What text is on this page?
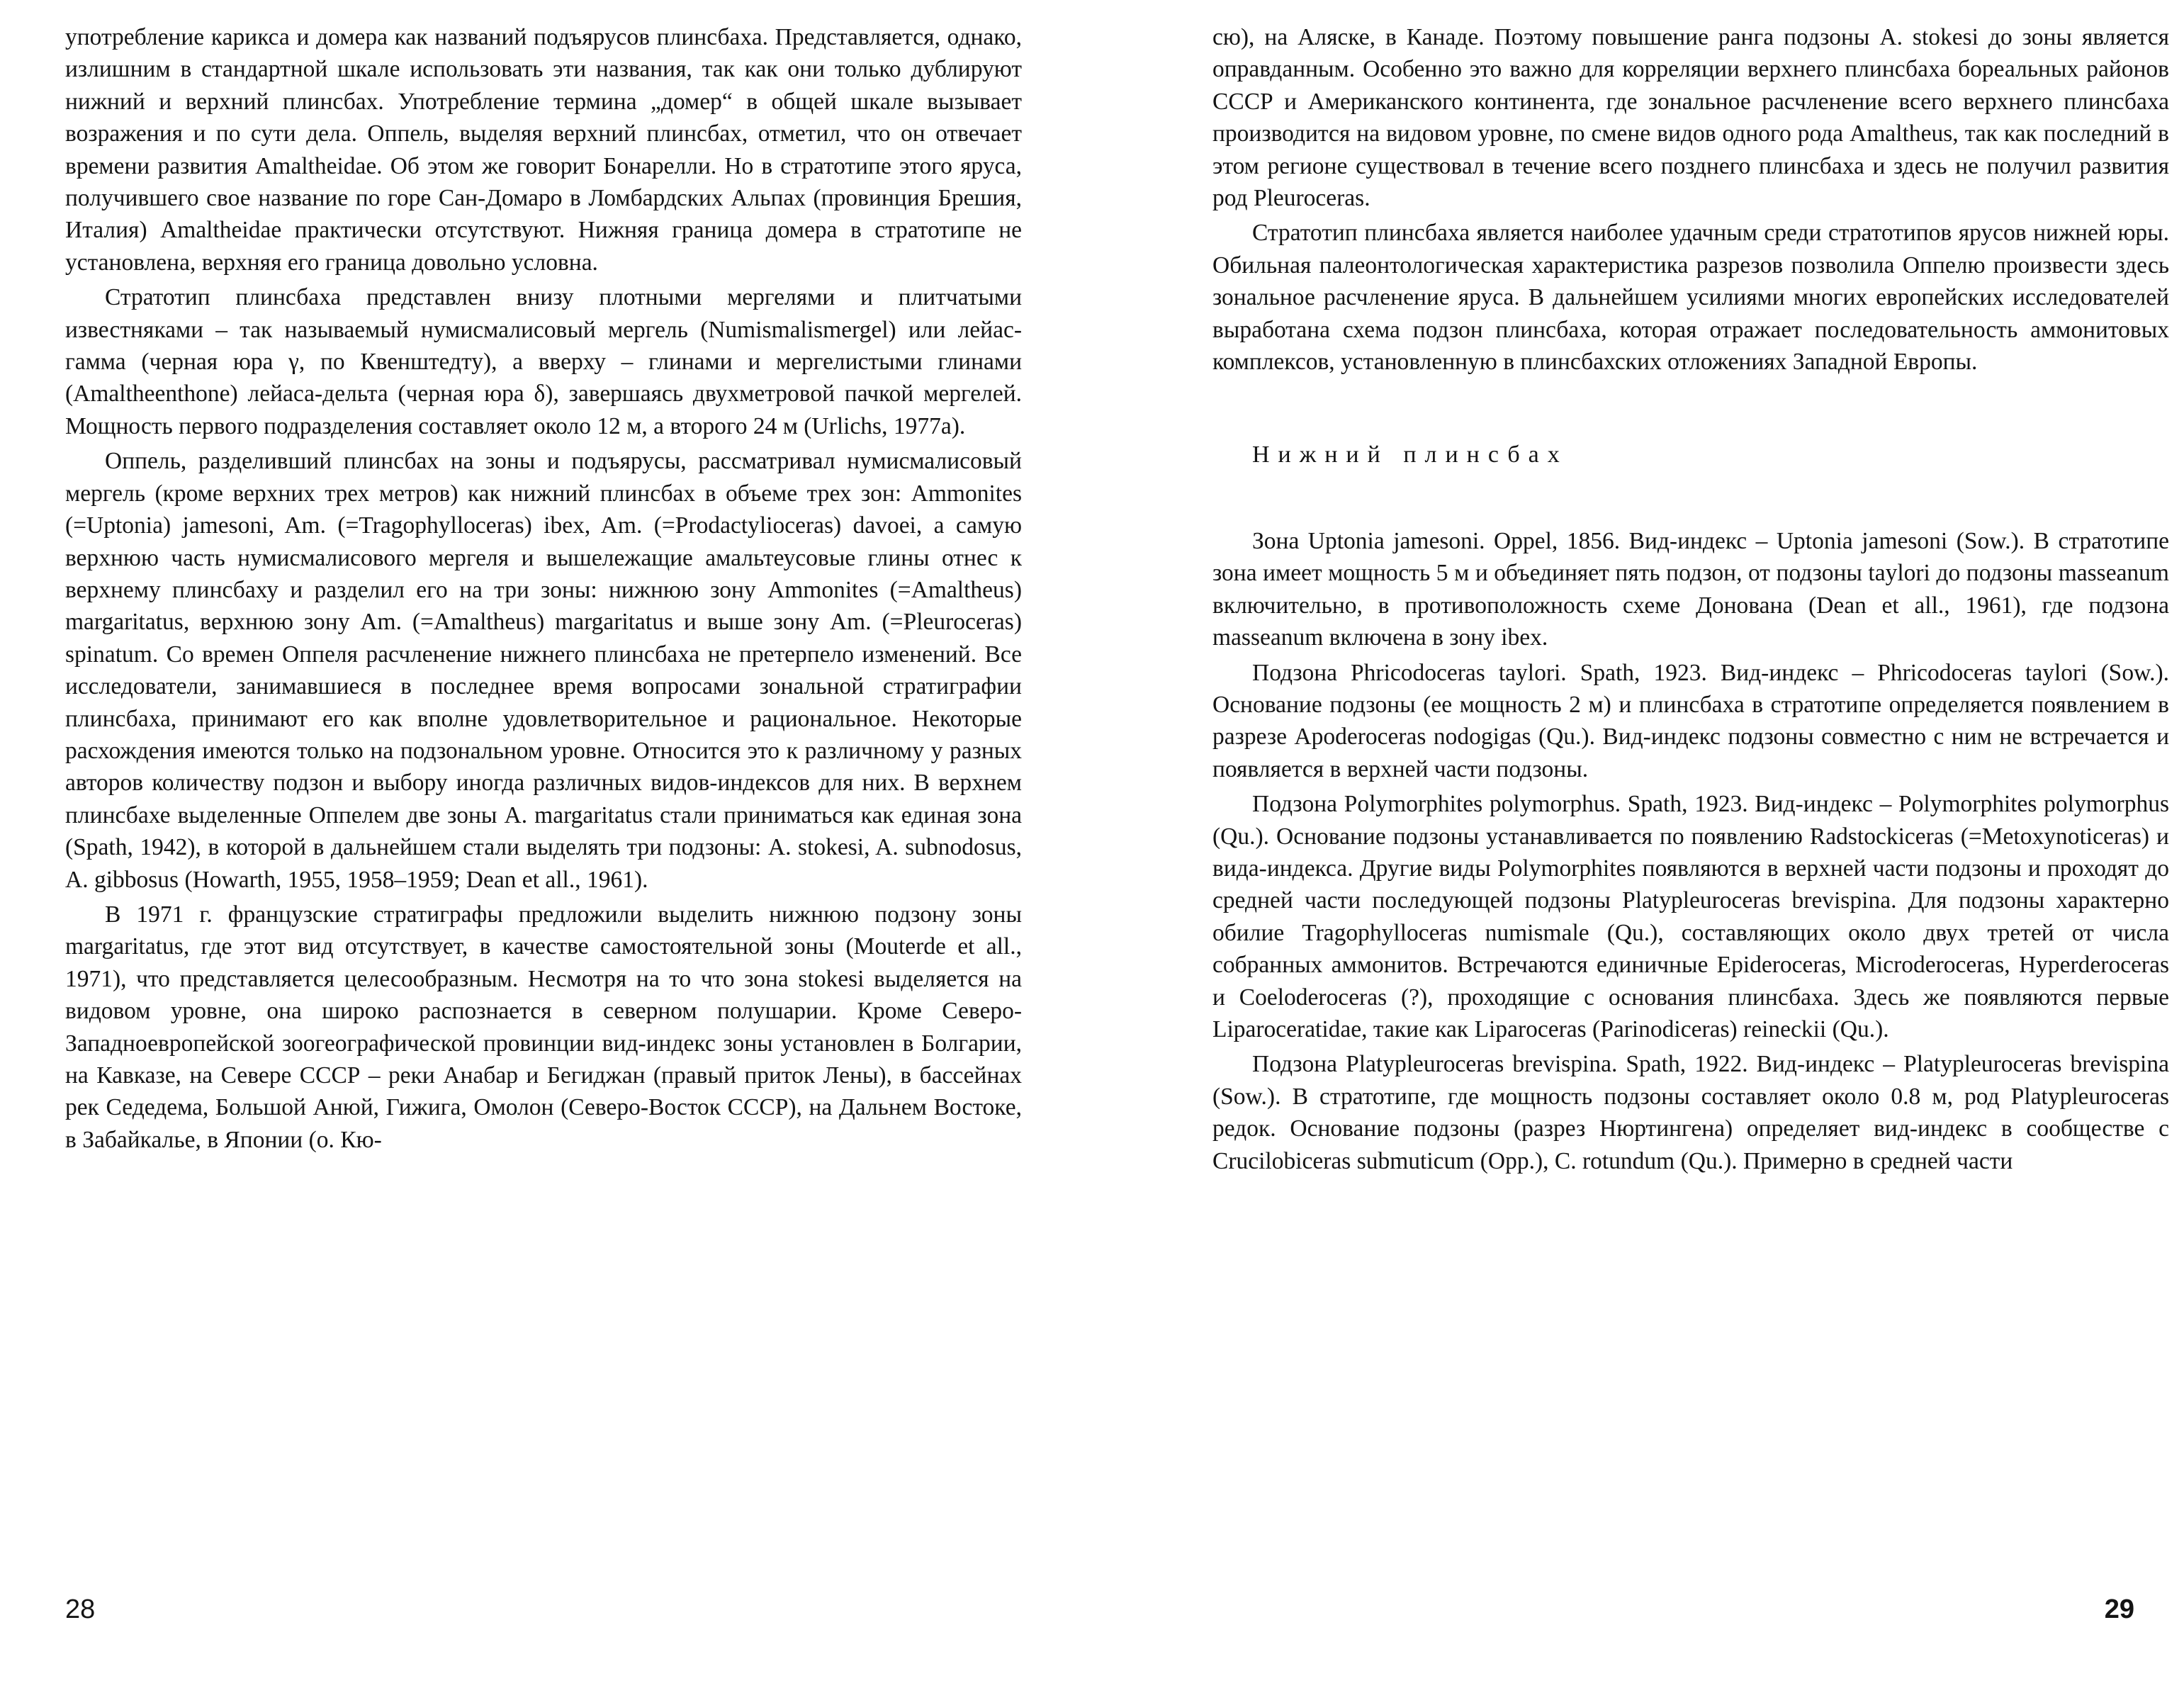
употребление карикса и домера как названий подъярусов плинсбаха. Представляется, однако, излишним в стандартной шкале использовать эти названия, так как они только дублируют нижний и верхний плинсбах. Употребление термина „домер“ в общей шкале вызывает возражения и по сути дела. Оппель, выделяя верхний плинсбах, отметил, что он отвечает времени развития Amaltheidae. Об этом же говорит Бонарелли. Но в стратотипе этого яруса, получившего свое название по горе Сан-Домаро в Ломбардских Альпах (провинция Брешия, Италия) Amaltheidae практически отсутствуют. Нижняя граница домера в стратотипе не установлена, верхняя его граница довольно условна.

Стратотип плинсбаха представлен внизу плотными мергелями и плитчатыми известняками – так называемый нумисмалисовый мергель (Numismalismergel) или лейас-гамма (черная юра γ, по Квенштедту), а вверху – глинами и мергелистыми глинами (Amaltheenthone) лейаса-дельта (черная юра δ), завершаясь двухметровой пачкой мергелей. Мощность первого подразделения составляет около 12 м, а второго 24 м (Urlichs, 1977a).

Оппель, разделивший плинсбах на зоны и подъярусы, рассматривал нумисмалисовый мергель (кроме верхних трех метров) как нижний плинсбах в объеме трех зон: Ammonites (=Uptonia) jamesoni, Am. (=Tragophylloceras) ibex, Am. (=Prodactylioceras) davoei, а самую верхнюю часть нумисмалисового мергеля и вышележащие амальтеусовые глины отнес к верхнему плинсбаху и разделил его на три зоны: нижнюю зону Ammonites (=Amaltheus) margaritatus, верхнюю зону Am. (=Amaltheus) margaritatus и выше зону Am. (=Pleuroceras) spinatum. Со времен Оппеля расчленение нижнего плинсбаха не претерпело изменений. Все исследователи, занимавшиеся в последнее время вопросами зональной стратиграфии плинсбаха, принимают его как вполне удовлетворительное и рациональное. Некоторые расхождения имеются только на подзональном уровне. Относится это к различному у разных авторов количеству подзон и выбору иногда различных видов-индексов для них. В верхнем плинсбахе выделенные Оппелем две зоны A. margaritatus стали приниматься как единая зона (Spath, 1942), в которой в дальнейшем стали выделять три подзоны: A. stokesi, A. subnodosus, A. gibbosus (Howarth, 1955, 1958–1959; Dean et all., 1961).

В 1971 г. французские стратиграфы предложили выделить нижнюю подзону зоны margaritatus, где этот вид отсутствует, в качестве самостоятельной зоны (Mouterde et all., 1971), что представляется целесообразным. Несмотря на то что зона stokesi выделяется на видовом уровне, она широко распознается в северном полушарии. Кроме Северо-Западноевропейской зоогеографической провинции вид-индекс зоны установлен в Болгарии, на Кавказе, на Севере СССР – реки Анабар и Бегиджан (правый приток Лены), в бассейнах рек Седедема, Большой Анюй, Гижига, Омолон (Северо-Восток СССР), на Дальнем Востоке, в Забайкалье, в Японии (о. Кю-

28

сю), на Аляске, в Канаде. Поэтому повышение ранга подзоны A. stokesi до зоны является оправданным. Особенно это важно для корреляции верхнего плинсбаха бореальных районов СССР и Американского континента, где зональное расчленение всего верхнего плинсбаха производится на видовом уровне, по смене видов одного рода Amaltheus, так как последний в этом регионе существовал в течение всего позднего плинсбаха и здесь не получил развития род Pleuroceras.

Стратотип плинсбаха является наиболее удачным среди стратотипов ярусов нижней юры. Обильная палеонтологическая характеристика разрезов позволила Оппелю произвести здесь зональное расчленение яруса. В дальнейшем усилиями многих европейских исследователей выработана схема подзон плинсбаха, которая отражает последовательность аммонитовых комплексов, установленную в плинсбахских отложениях Западной Европы.

Нижний плинсбах

Зона Uptonia jamesoni. Oppel, 1856. Вид-индекс – Uptonia jamesoni (Sow.). В стратотипе зона имеет мощность 5 м и объединяет пять подзон, от подзоны taylori до подзоны masseanum включительно, в противоположность схеме Донована (Dean et all., 1961), где подзона masseanum включена в зону ibex.

Подзона Phricodoceras taylori. Spath, 1923. Вид-индекс – Phricodoceras taylori (Sow.). Основание подзоны (ее мощность 2 м) и плинсбаха в стратотипе определяется появлением в разрезе Apoderoceras nodogigas (Qu.). Вид-индекс подзоны совместно с ним не встречается и появляется в верхней части подзоны.

Подзона Polymorphites polymorphus. Spath, 1923. Вид-индекс – Polymorphites polymorphus (Qu.). Основание подзоны устанавливается по появлению Radstockiceras (=Metoxynoticeras) и вида-индекса. Другие виды Polymorphites появляются в верхней части подзоны и проходят до средней части последующей подзоны Platypleuroceras brevispina. Для подзоны характерно обилие Tragophylloceras numismale (Qu.), составляющих около двух третей от числа собранных аммонитов. Встречаются единичные Epideroceras, Microderoceras, Hyperderoceras и Coeloderoceras (?), проходящие с основания плинсбаха. Здесь же появляются первые Liparoceratidae, такие как Liparoceras (Parinodiceras) reineckii (Qu.).

Подзона Platypleuroceras brevispina. Spath, 1922. Вид-индекс – Platypleuroceras brevispina (Sow.). В стратотипе, где мощность подзоны составляет около 0.8 м, род Platypleuroceras редок. Основание подзоны (разрез Нюртингена) определяет вид-индекс в сообществе с Crucilobiceras submuticum (Opp.), C. rotundum (Qu.). Примерно в средней части

29
